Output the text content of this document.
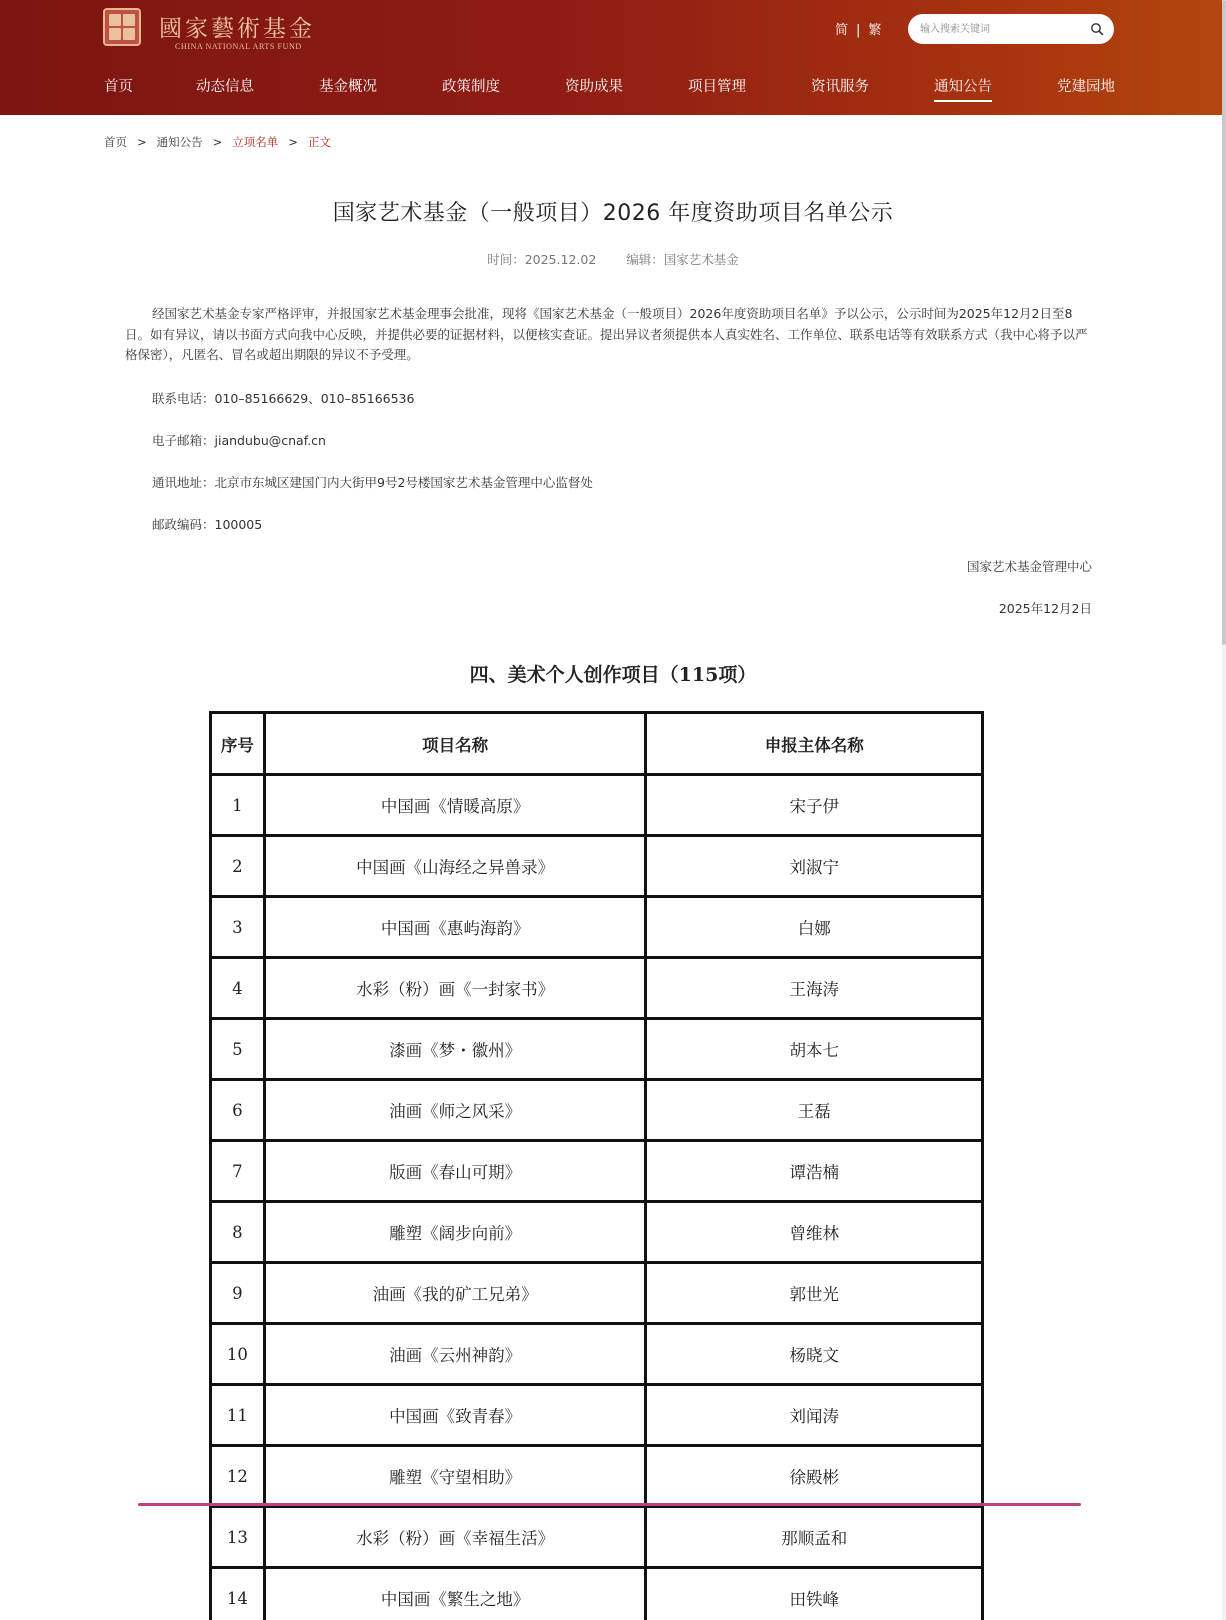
國家藝術基金
CHINA NATIONAL ARTS FUND
简 | 繁
输入搜索关键词
首页	动态信息	基金概况	政策制度	资助成果	项目管理	资讯服务	通知公告	党建园地
首页 > 通知公告 > 立项名单 > 正文
国家艺术基金（一般项目）2026 年度资助项目名单公示
时间：2025.12.02 编辑：国家艺术基金

经国家艺术基金专家严格评审，并报国家艺术基金理事会批准，现将《国家艺术基金（一般项目）2026年度资助项目名单》予以公示，公示时间为2025年12月2日至8日。如有异议，请以书面方式向我中心反映，并提供必要的证据材料，以便核实查证。提出异议者须提供本人真实姓名、工作单位、联系电话等有效联系方式（我中心将予以严格保密），凡匿名、冒名或超出期限的异议不予受理。

联系电话：010–85166629、010–85166536
电子邮箱：jiandubu@cnaf.cn
通讯地址：北京市东城区建国门内大街甲9号2号楼国家艺术基金管理中心监督处
邮政编码：100005
国家艺术基金管理中心
2025年12月2日
四、美术个人创作项目（115项）
序号	项目名称	申报主体名称
1	中国画《情暖高原》	宋子伊
2	中国画《山海经之异兽录》	刘淑宁
3	中国画《惠屿海韵》	白娜
4	水彩（粉）画《一封家书》	王海涛
5	漆画《梦・徽州》	胡本七
6	油画《师之风采》	王磊
7	版画《春山可期》	谭浩楠
8	雕塑《阔步向前》	曾维林
9	油画《我的矿工兄弟》	郭世光
10	油画《云州神韵》	杨晓文
11	中国画《致青春》	刘闻涛
12	雕塑《守望相助》	徐殿彬
13	水彩（粉）画《幸福生活》	那顺孟和
14	中国画《繁生之地》	田铁峰
